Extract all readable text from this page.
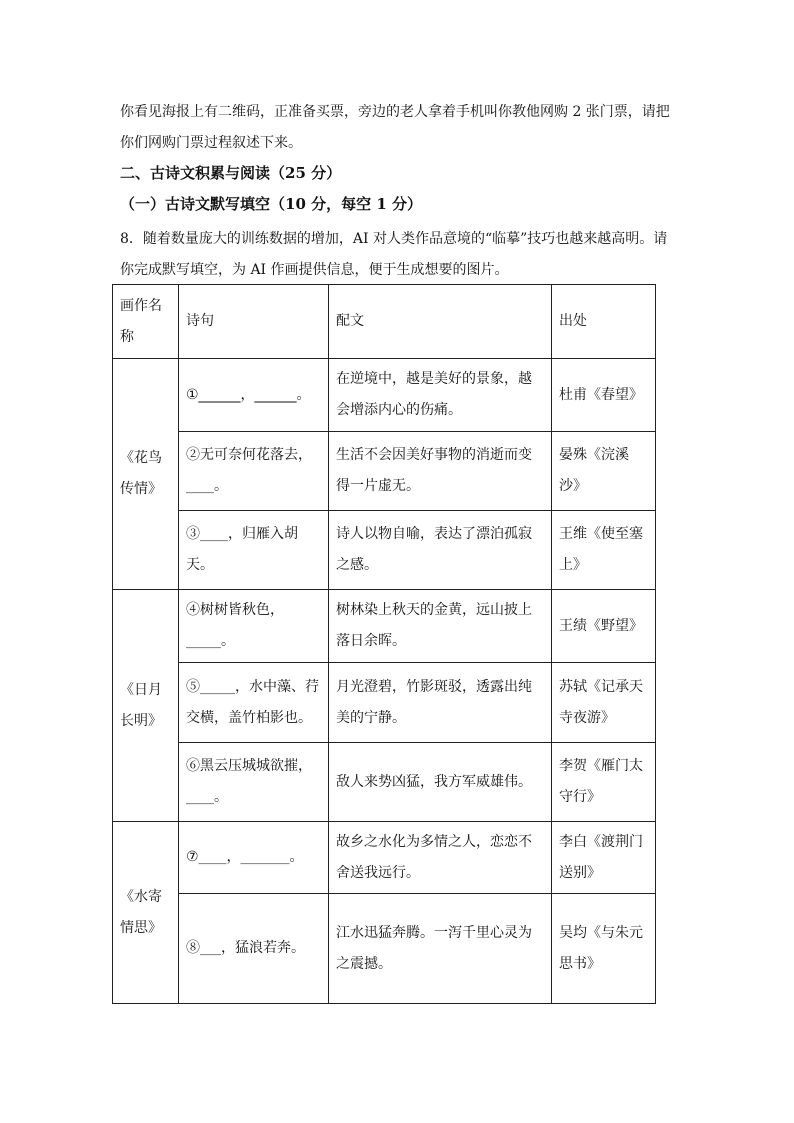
你看见海报上有二维码，正准备买票，旁边的老人拿着手机叫你教他网购 2 张门票，请把你们网购门票过程叙述下来。

二、古诗文积累与阅读（25 分）

（一）古诗文默写填空（10 分，每空 1 分）

8．随着数量庞大的训练数据的增加，AI 对人类作品意境的“临摹”技巧也越来越高明。请你完成默写填空，为 AI 作画提供信息，便于生成想要的图片。

画作名称	诗句	配文	出处
《花鸟传情》	①______，______。	在逆境中，越是美好的景象，越会增添内心的伤痛。	杜甫《春望》
	②无可奈何花落去，____。	生活不会因美好事物的消逝而变得一片虚无。	晏殊《浣溪沙》
	③____，归雁入胡天。	诗人以物自喻，表达了漂泊孤寂之感。	王维《使至塞上》
《日月长明》	④树树皆秋色，_____。	树林染上秋天的金黄，远山披上落日余晖。	王绩《野望》
	⑤_____，水中藻、荇交横，盖竹柏影也。	月光澄碧，竹影斑驳，透露出纯美的宁静。	苏轼《记承天寺夜游》
	⑥黑云压城城欲摧，____。	敌人来势凶猛，我方军威雄伟。	李贺《雁门太守行》
《水寄情思》	⑦____，_______。	故乡之水化为多情之人，恋恋不舍送我远行。	李白《渡荆门送别》
	⑧___，猛浪若奔。	江水迅猛奔腾。一泻千里心灵为之震撼。	吴均《与朱元思书》
